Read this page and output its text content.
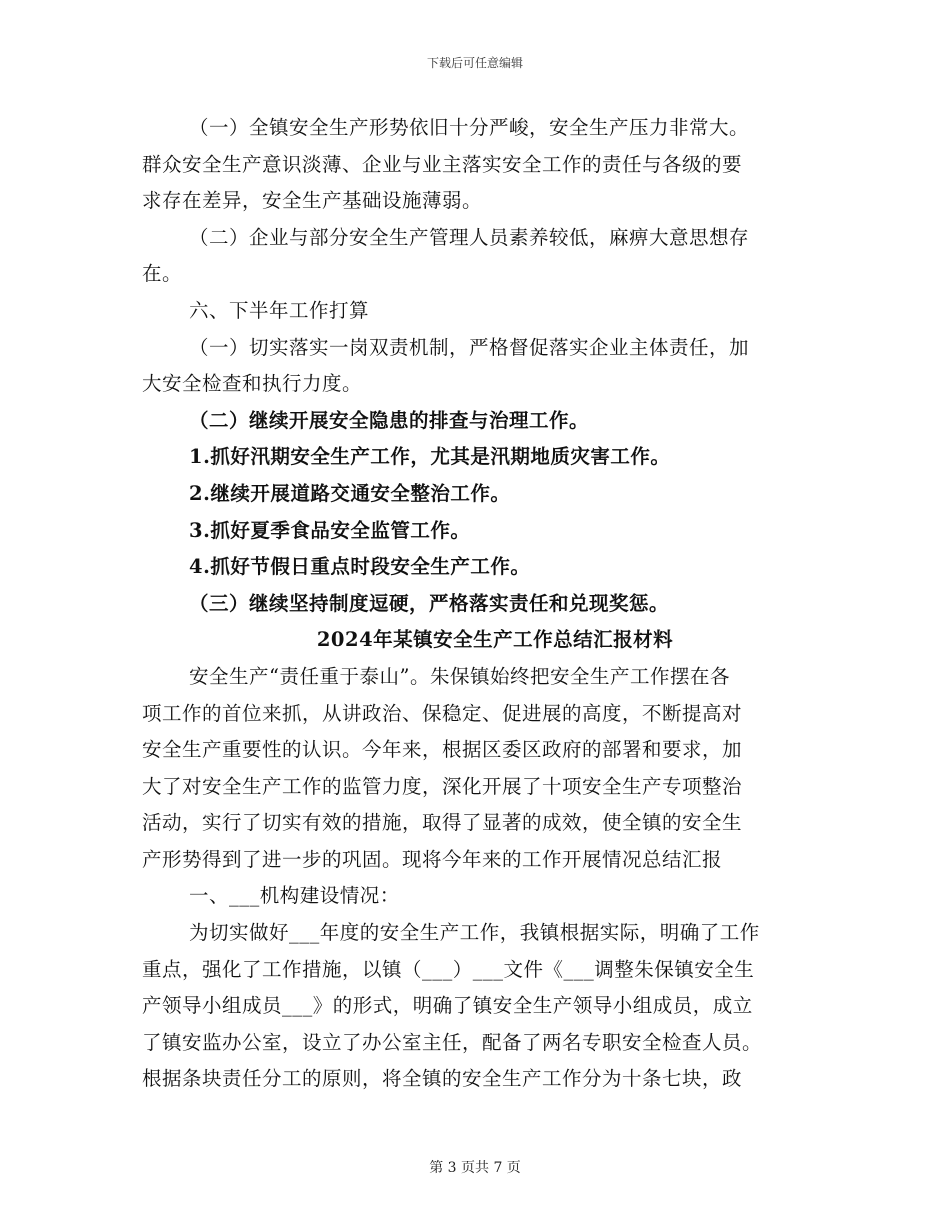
下载后可任意编辑

（一）全镇安全生产形势依旧十分严峻，安全生产压力非常大。

群众安全生产意识淡薄、企业与业主落实安全工作的责任与各级的要

求存在差异，安全生产基础设施薄弱。

（二）企业与部分安全生产管理人员素养较低，麻痹大意思想存

在。

六、下半年工作打算

（一）切实落实一岗双责机制，严格督促落实企业主体责任，加

大安全检查和执行力度。

（二）继续开展安全隐患的排查与治理工作。

1.抓好汛期安全生产工作，尤其是汛期地质灾害工作。

2.继续开展道路交通安全整治工作。

3.抓好夏季食品安全监管工作。

4.抓好节假日重点时段安全生产工作。

（三）继续坚持制度逗硬，严格落实责任和兑现奖惩。

2024年某镇安全生产工作总结汇报材料

安全生产“责任重于泰山”。朱保镇始终把安全生产工作摆在各

项工作的首位来抓，从讲政治、保稳定、促进展的高度，不断提高对

安全生产重要性的认识。今年来，根据区委区政府的部署和要求，加

大了对安全生产工作的监管力度，深化开展了十项安全生产专项整治

活动，实行了切实有效的措施，取得了显著的成效，使全镇的安全生

产形势得到了进一步的巩固。现将今年来的工作开展情况总结汇报

一、___机构建设情况：

为切实做好___年度的安全生产工作，我镇根据实际，明确了工作

重点，强化了工作措施，以镇（___）___文件《___调整朱保镇安全生

产领导小组成员___》的形式，明确了镇安全生产领导小组成员，成立

了镇安监办公室，设立了办公室主任，配备了两名专职安全检查人员。

根据条块责任分工的原则，将全镇的安全生产工作分为十条七块，政

第 3 页共 7 页
